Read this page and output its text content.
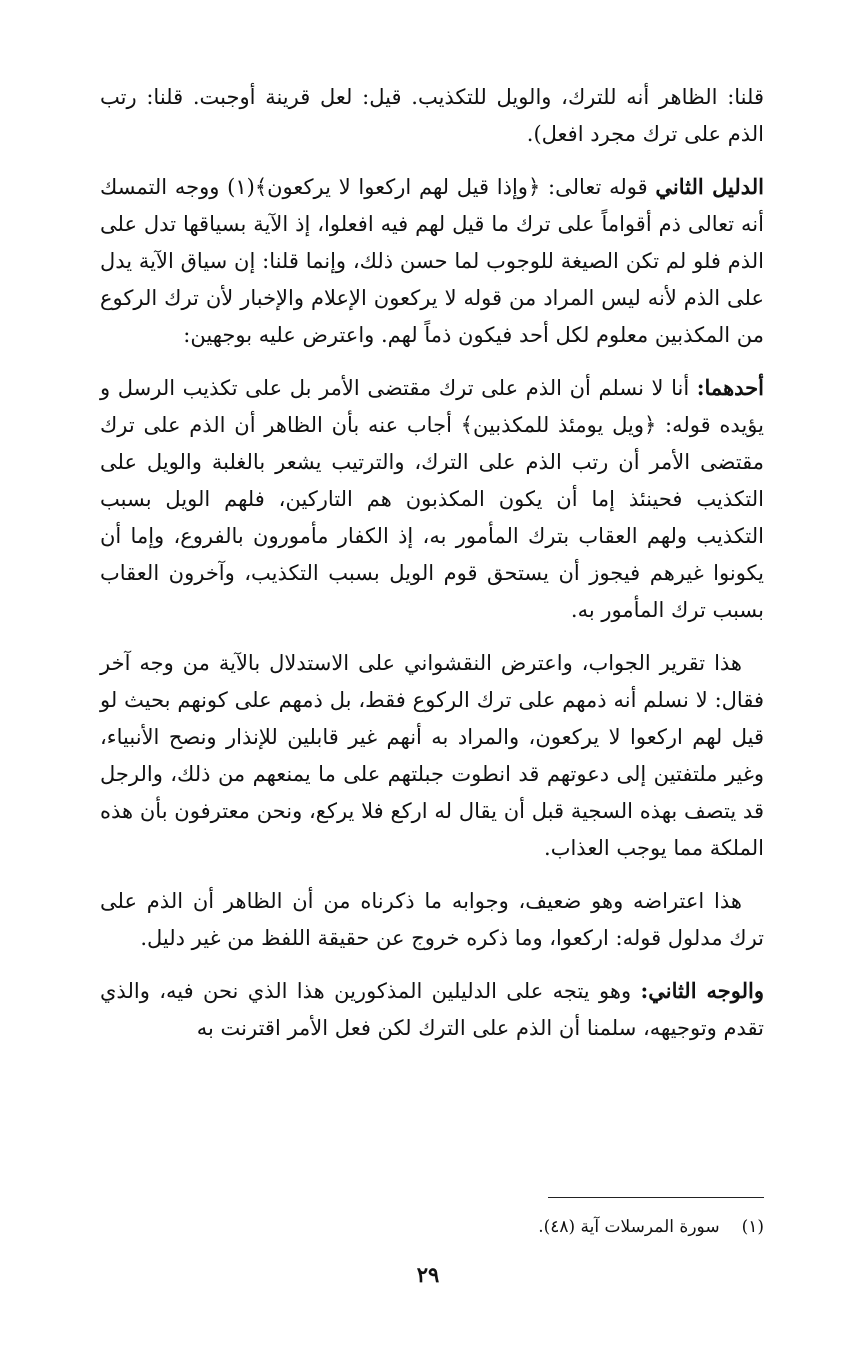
قلنا: الظاهر أنه للترك، والويل للتكذيب. قيل: لعل قرينة أوجبت. قلنا: رتب الذم على ترك مجرد افعل).

الدليل الثاني قوله تعالى: ﴿وإذا قيل لهم اركعوا لا يركعون﴾(١) ووجه التمسك أنه تعالى ذم أقواماً على ترك ما قيل لهم فيه افعلوا، إذ الآية بسياقها تدل على الذم فلو لم تكن الصيغة للوجوب لما حسن ذلك، وإنما قلنا: إن سياق الآية يدل على الذم لأنه ليس المراد من قوله لا يركعون الإعلام والإخبار لأن ترك الركوع من المكذبين معلوم لكل أحد فيكون ذماً لهم. واعترض عليه بوجهين:

أحدهما: أنا لا نسلم أن الذم على ترك مقتضى الأمر بل على تكذيب الرسل و يؤيده قوله: ﴿ويل يومئذ للمكذبين﴾ أجاب عنه بأن الظاهر أن الذم على ترك مقتضى الأمر أن رتب الذم على الترك، والترتيب يشعر بالغلبة والويل على التكذيب فحينئذ إما أن يكون المكذبون هم التاركين، فلهم الويل بسبب التكذيب ولهم العقاب بترك المأمور به، إذ الكفار مأمورون بالفروع، وإما أن يكونوا غيرهم فيجوز أن يستحق قوم الويل بسبب التكذيب، وآخرون العقاب بسبب ترك المأمور به.

هذا تقرير الجواب، واعترض النقشواني على الاستدلال بالآية من وجه آخر فقال: لا نسلم أنه ذمهم على ترك الركوع فقط، بل ذمهم على كونهم بحيث لو قيل لهم اركعوا لا يركعون، والمراد به أنهم غير قابلين للإنذار ونصح الأنبياء، وغير ملتفتين إلى دعوتهم قد انطوت جبلتهم على ما يمنعهم من ذلك، والرجل قد يتصف بهذه السجية قبل أن يقال له اركع فلا يركع، ونحن معترفون بأن هذه الملكة مما يوجب العذاب.

هذا اعتراضه وهو ضعيف، وجوابه ما ذكرناه من أن الظاهر أن الذم على ترك مدلول قوله: اركعوا، وما ذكره خروج عن حقيقة اللفظ من غير دليل.

والوجه الثاني: وهو يتجه على الدليلين المذكورين هذا الذي نحن فيه، والذي تقدم وتوجيهه، سلمنا أن الذم على الترك لكن فعل الأمر اقترنت به

(١)سورة المرسلات آية (٤٨).
٢٩
